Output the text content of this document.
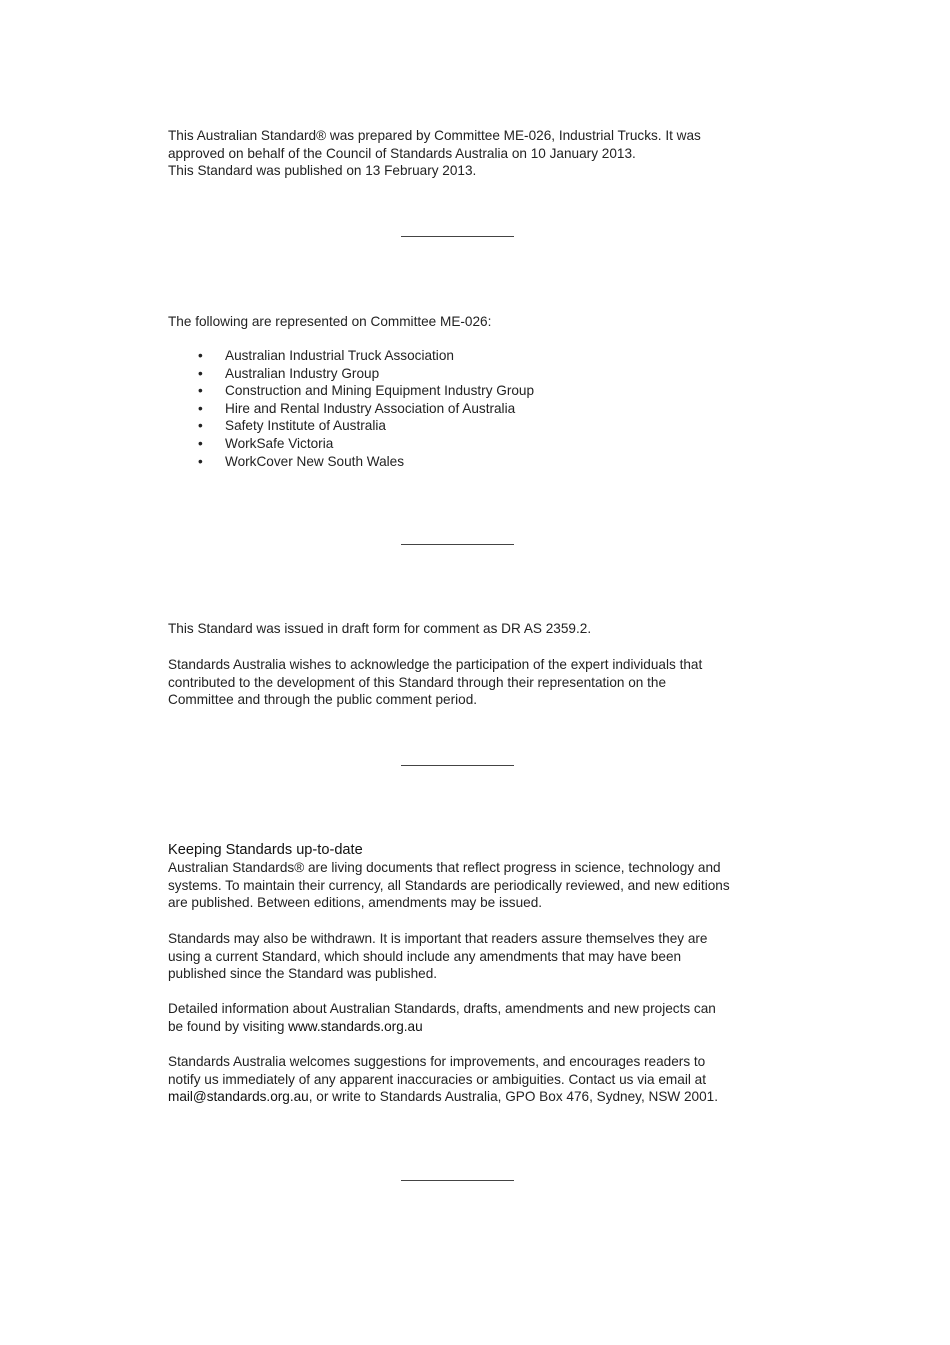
This Australian Standard® was prepared by Committee ME-026, Industrial Trucks. It was

approved on behalf of the Council of Standards Australia on 10 January 2013.

This Standard was published on 13 February 2013.

The following are represented on Committee ME-026:

• Australian Industrial Truck Association
• Australian Industry Group
• Construction and Mining Equipment Industry Group
• Hire and Rental Industry Association of Australia
• Safety Institute of Australia
• WorkSafe Victoria
• WorkCover New South Wales

This Standard was issued in draft form for comment as DR AS 2359.2.

Standards Australia wishes to acknowledge the participation of the expert individuals that

contributed to the development of this Standard through their representation on the

Committee and through the public comment period.

Keeping Standards up-to-date

Australian Standards® are living documents that reflect progress in science, technology and

systems. To maintain their currency, all Standards are periodically reviewed, and new editions

are published. Between editions, amendments may be issued.

Standards may also be withdrawn. It is important that readers assure themselves they are

using a current Standard, which should include any amendments that may have been

published since the Standard was published.

Detailed information about Australian Standards, drafts, amendments and new projects can

be found by visiting www.standards.org.au

Standards Australia welcomes suggestions for improvements, and encourages readers to

notify us immediately of any apparent inaccuracies or ambiguities. Contact us via email at

mail@standards.org.au, or write to Standards Australia, GPO Box 476, Sydney, NSW 2001.
